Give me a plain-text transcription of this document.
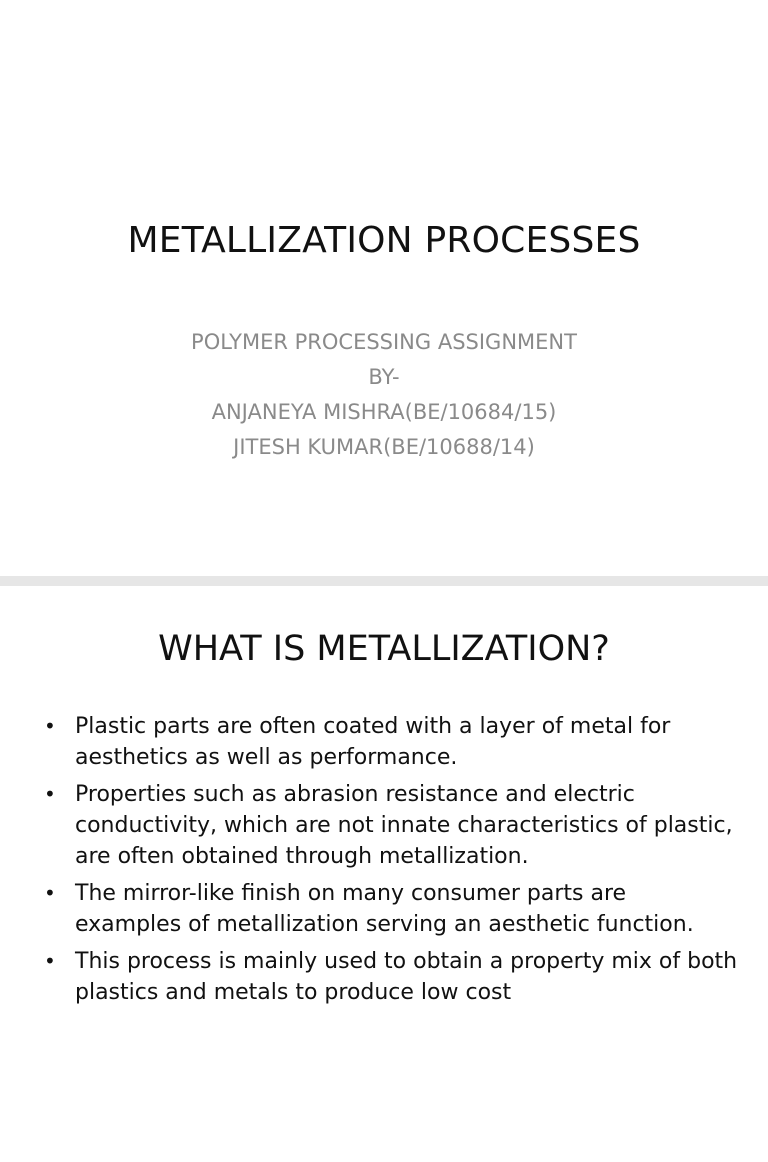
METALLIZATION PROCESSES
POLYMER PROCESSING ASSIGNMENT
BY-
ANJANEYA MISHRA(BE/10684/15)
JITESH KUMAR(BE/10688/14)
WHAT IS METALLIZATION?
• Plastic parts are often coated with a layer of metal for aesthetics as well as performance.
• Properties such as abrasion resistance and electric conductivity, which are not innate characteristics of plastic, are often obtained through metallization.
• The mirror-like finish on many consumer parts are examples of metallization serving an aesthetic function.
• This process is mainly used to obtain a property mix of both plastics and metals to produce low cost
